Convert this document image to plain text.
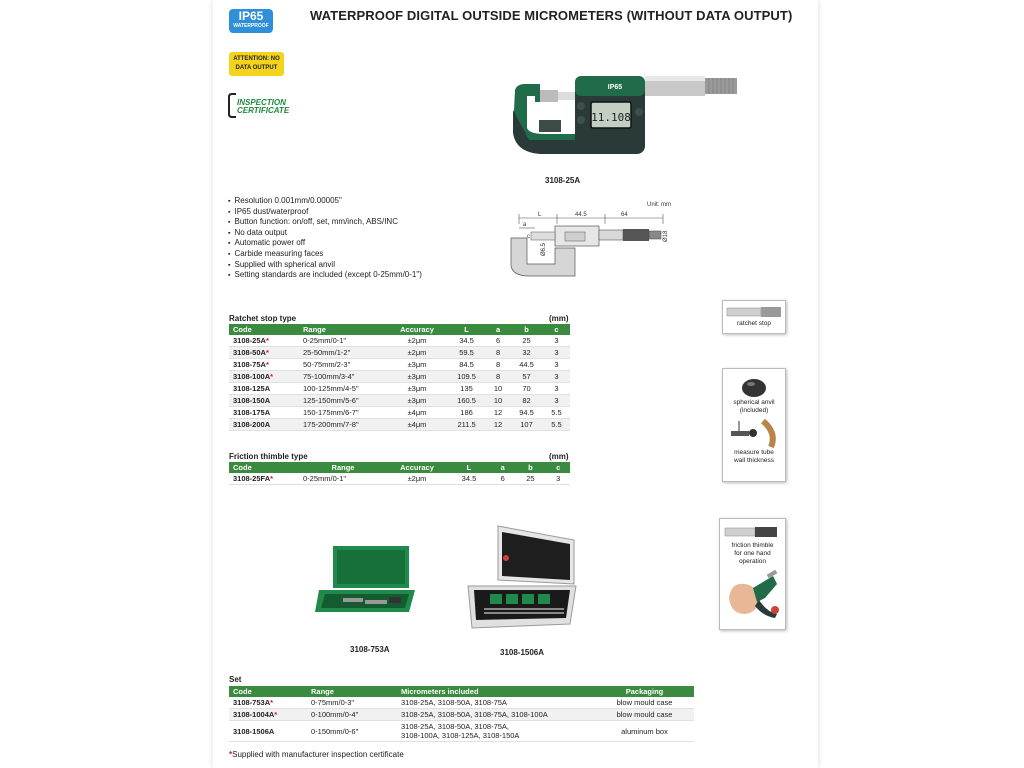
IP65
WATERPROOF
WATERPROOF DIGITAL OUTSIDE MICROMETERS (WITHOUT DATA OUTPUT)
ATTENTION: NO
DATA OUTPUT
INSPECTION
CERTIFICATE
IP65
11.108
3108-25A
▪ Resolution 0.001mm/0.00005"
▪ IP65 dust/waterproof
▪ Button function: on/off, set, mm/inch, ABS/INC
▪ No data output
▪ Automatic power off
▪ Carbide measuring faces
▪ Supplied with spherical anvil
▪ Setting standards are included (except 0-25mm/0-1")
Unit: mm
L	44.5	64
a
c
Ø6.5
Ø18
Ratchet stop type	(mm)
Code	Range	Accuracy	L	a	b	c
3108-25A*	0-25mm/0-1"	±2μm	34.5	6	25	3
3108-50A*	25-50mm/1-2"	±2μm	59.5	8	32	3
3108-75A*	50-75mm/2-3"	±3μm	84.5	8	44.5	3
3108-100A*	75-100mm/3-4"	±3μm	109.5	8	57	3
3108-125A	100-125mm/4-5"	±3μm	135	10	70	3
3108-150A	125-150mm/5-6"	±3μm	160.5	10	82	3
3108-175A	150-175mm/6-7"	±4μm	186	12	94.5	5.5
3108-200A	175-200mm/7-8"	±4μm	211.5	12	107	5.5
Friction thimble type	(mm)
Code	Range	Accuracy	L	a	b	c
3108-25FA*	0-25mm/0-1"	±2μm	34.5	6	25	3
ratchet stop
spherical anvil
(included)
measure tube
wall thickness
friction thimble
for one hand
operation
3108-753A	3108-1506A
Set
Code	Range	Micrometers included	Packaging
3108-753A*	0-75mm/0-3"	3108-25A, 3108-50A, 3108-75A	blow mould case
3108-1004A*	0-100mm/0-4"	3108-25A, 3108-50A, 3108-75A, 3108-100A	blow mould case
3108-1506A	0-150mm/0-6"	3108-25A, 3108-50A, 3108-75A,
3108-100A, 3108-125A, 3108-150A	aluminum box
*Supplied with manufacturer inspection certificate
